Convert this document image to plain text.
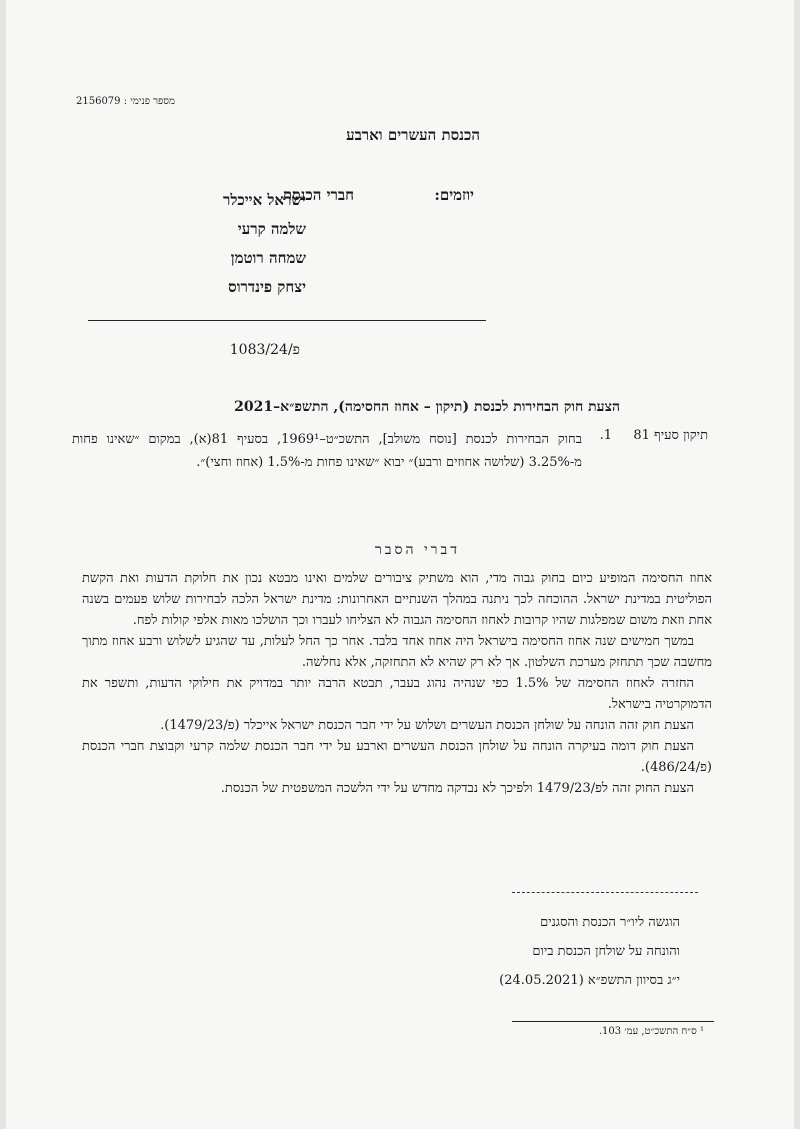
מספר פנימי : 2156079
הכנסת העשרים וארבע
יוזמים:
חברי הכנסת
ישראל אייכלר
שלמה קרעי
שמחה רוטמן
יצחק פינדרוס
פ/1083/24
הצעת חוק הבחירות לכנסת (תיקון – אחוז החסימה), התשפ״א–2021
תיקון סעיף 81
1.
בחוק הבחירות לכנסת [נוסח משולב], התשכ״ט–1969¹, בסעיף 81(א), במקום ״שאינו פחות מ-3.25% (שלושה אחוזים ורבע)״ יבוא ״שאינו פחות מ-1.5% (אחוז וחצי)״.
דברי הסבר

אחוז החסימה המופיע כיום בחוק גבוה מדי, הוא משתיק ציבורים שלמים ואינו מבטא נכון את חלוקת הדעות ואת הקשת הפוליטית במדינת ישראל. ההוכחה לכך ניתנה במהלך השנתיים האחרונות: מדינת ישראל הלכה לבחירות שלוש פעמים בשנה אחת וזאת משום שמפלגות שהיו קרובות לאחוז החסימה הגבוה לא הצליחו לעברו וכך הושלכו מאות אלפי קולות לפח.

במשך חמישים שנה אחוז החסימה בישראל היה אחוז אחד בלבד. אחר כך החל לעלות, עד שהגיע לשלוש ורבע אחוז מתוך מחשבה שכך תתחזק מערכת השלטון. אך לא רק שהיא לא התחזקה, אלא נחלשה.

החזרה לאחוז החסימה של 1.5% כפי שנהיה נהוג בעבר, תבטא הרבה יותר במדויק את חילוקי הדעות, ותשפר את הדמוקרטיה בישראל.

הצעת חוק זהה הונחה על שולחן הכנסת העשרים ושלוש על ידי חבר הכנסת ישראל אייכלר (פ/1479/23).

הצעת חוק דומה בעיקרה הונחה על שולחן הכנסת העשרים וארבע על ידי חבר הכנסת שלמה קרעי וקבוצת חברי הכנסת (פ/486/24).

הצעת החוק זהה לפ/1479/23 ולפיכך לא נבדקה מחדש על ידי הלשכה המשפטית של הכנסת.

הוגשה ליו״ר הכנסת והסגנים
והונחה על שולחן הכנסת ביום
י״ג בסיוון התשפ״א (24.05.2021)
¹ ס״ח התשכ״ט, עמ׳ 103.
